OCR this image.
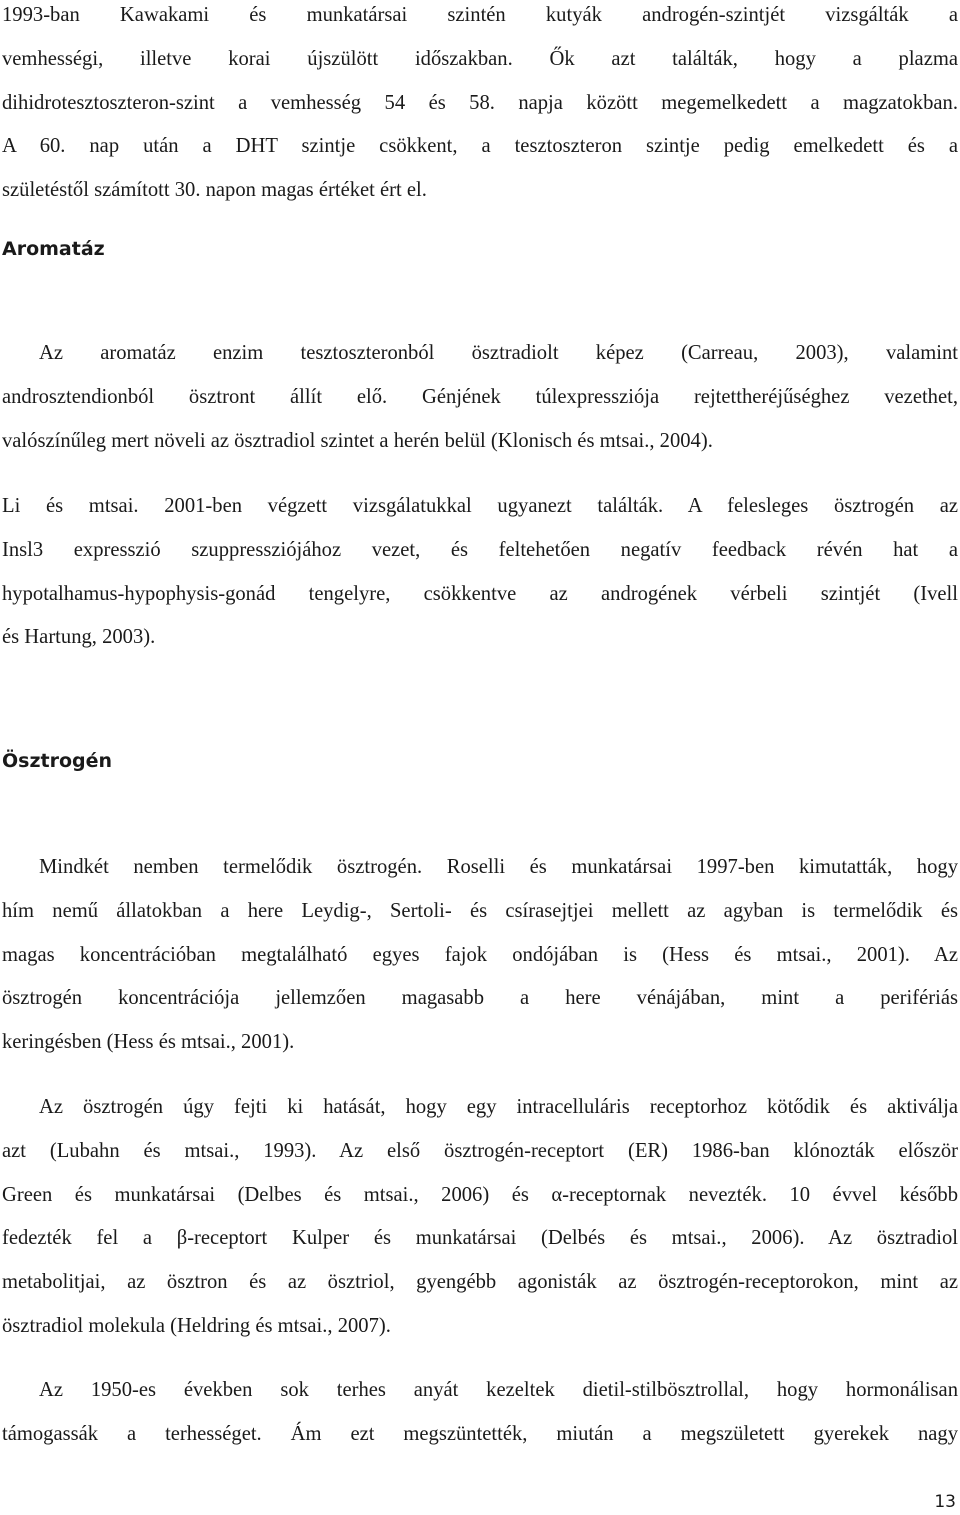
1993-ban Kawakami és munkatársai szintén kutyák androgén-szintjét vizsgálták a
vemhességi, illetve korai újszülött időszakban. Ők azt találták, hogy a plazma
dihidrotesztoszteron-szint a vemhesség 54 és 58. napja között megemelkedett a magzatokban.
A 60. nap után a DHT szintje csökkent, a tesztoszteron szintje pedig emelkedett és a
születéstől számított 30. napon magas értéket ért el.

Aromatáz

Az aromatáz enzim tesztoszteronból ösztradiolt képez (Carreau, 2003), valamint
androsztendionból ösztront állít elő. Génjének túlexpressziója rejtettheréjűséghez vezethet,
valószínűleg mert növeli az ösztradiol szintet a herén belül (Klonisch és mtsai., 2004).

Li és mtsai. 2001-ben végzett vizsgálatukkal ugyanezt találták. A felesleges ösztrogén az
Insl3 expresszió szuppressziójához vezet, és feltehetően negatív feedback révén hat a
hypotalhamus-hypophysis-gonád tengelyre, csökkentve az androgének vérbeli szintjét (Ivell
és Hartung, 2003).

Ösztrogén

Mindkét nemben termelődik ösztrogén. Roselli és munkatársai 1997-ben kimutatták, hogy
hím nemű állatokban a here Leydig-, Sertoli- és csírasejtjei mellett az agyban is termelődik és
magas koncentrációban megtalálható egyes fajok ondójában is (Hess és mtsai., 2001). Az
ösztrogén koncentrációja jellemzően magasabb a here vénájában, mint a perifériás
keringésben (Hess és mtsai., 2001).

Az ösztrogén úgy fejti ki hatását, hogy egy intracelluláris receptorhoz kötődik és aktiválja
azt (Lubahn és mtsai., 1993). Az első ösztrogén-receptort (ER) 1986-ban klónozták először
Green és munkatársai (Delbes és mtsai., 2006) és α-receptornak nevezték. 10 évvel később
fedezték fel a β-receptort Kulper és munkatársai (Delbés és mtsai., 2006). Az ösztradiol
metabolitjai, az ösztron és az ösztriol, gyengébb agonisták az ösztrogén-receptorokon, mint az
ösztradiol molekula (Heldring és mtsai., 2007).

Az 1950-es években sok terhes anyát kezeltek dietil-stilbösztrollal, hogy hormonálisan
támogassák a terhességet. Ám ezt megszüntették, miután a megszületett gyerekek nagy

13
